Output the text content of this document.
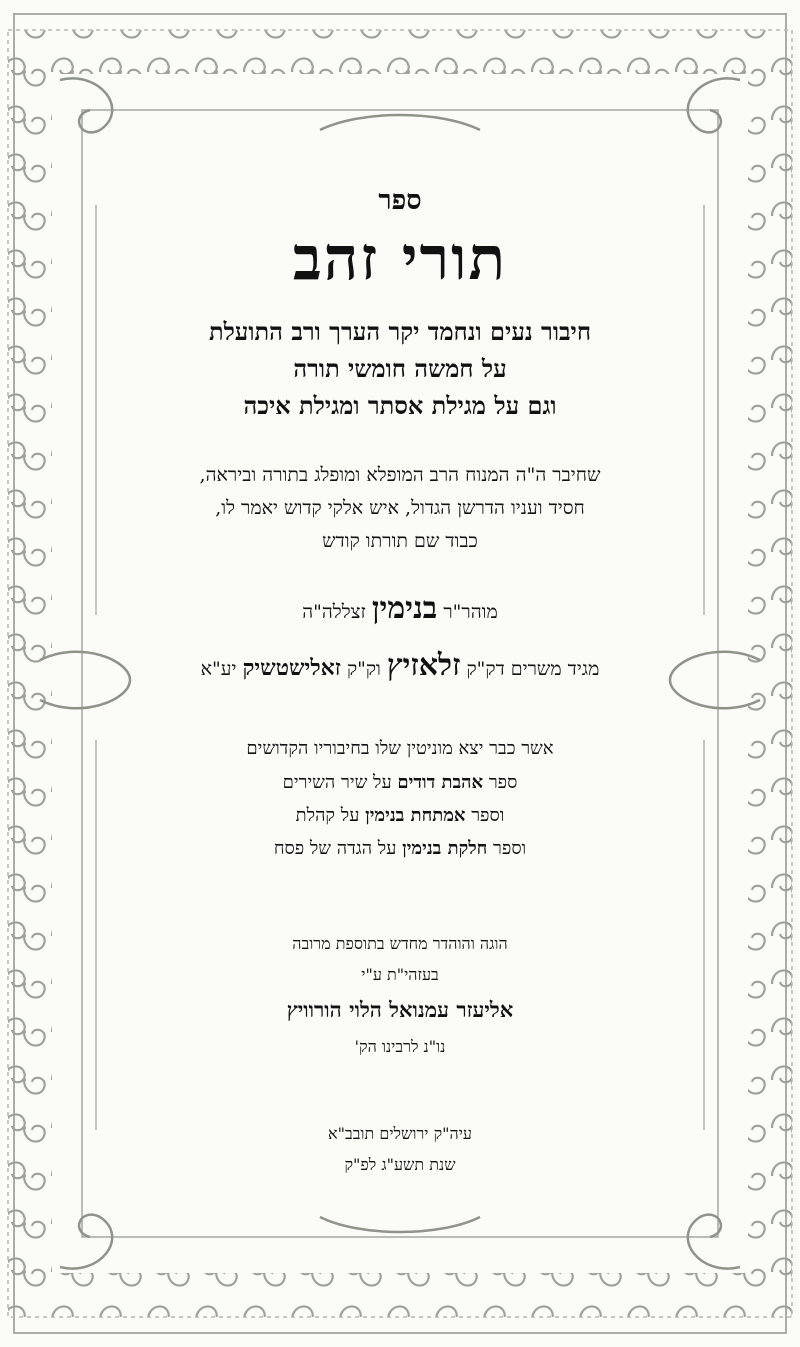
ספר
תורי זהב
חיבור נעים ונחמד יקר הערך ורב התועלת
על חמשה חומשי תורה
וגם על מגילת אסתר ומגילת איכה
שחיבר ה"ה המנוח הרב המופלא ומופלג בתורה וביראה,
חסיד ועניו הדרשן הגדול, איש אלקי קדוש יאמר לו,
כבוד שם תורתו קודש
מוהר"ר בנימין זצללה"ה
מגיד משרים דק"ק זלאזיץ וק"ק זאלישטשיק יע"א
אשר כבר יצא מוניטין שלו בחיבוריו הקדושים
ספר אהבת דודים על שיר השירים
וספר אמתחת בנימין על קהלת
וספר חלקת בנימין על הגדה של פסח
הוגה והוהדר מחדש בתוספת מרובה
בעזהי"ת ע"י
אליעזר עמנואל הלוי הורוויץ
נו"נ לרבינו הק'
עיה"ק ירושלים תובב"א
שנת תשע"ג לפ"ק
